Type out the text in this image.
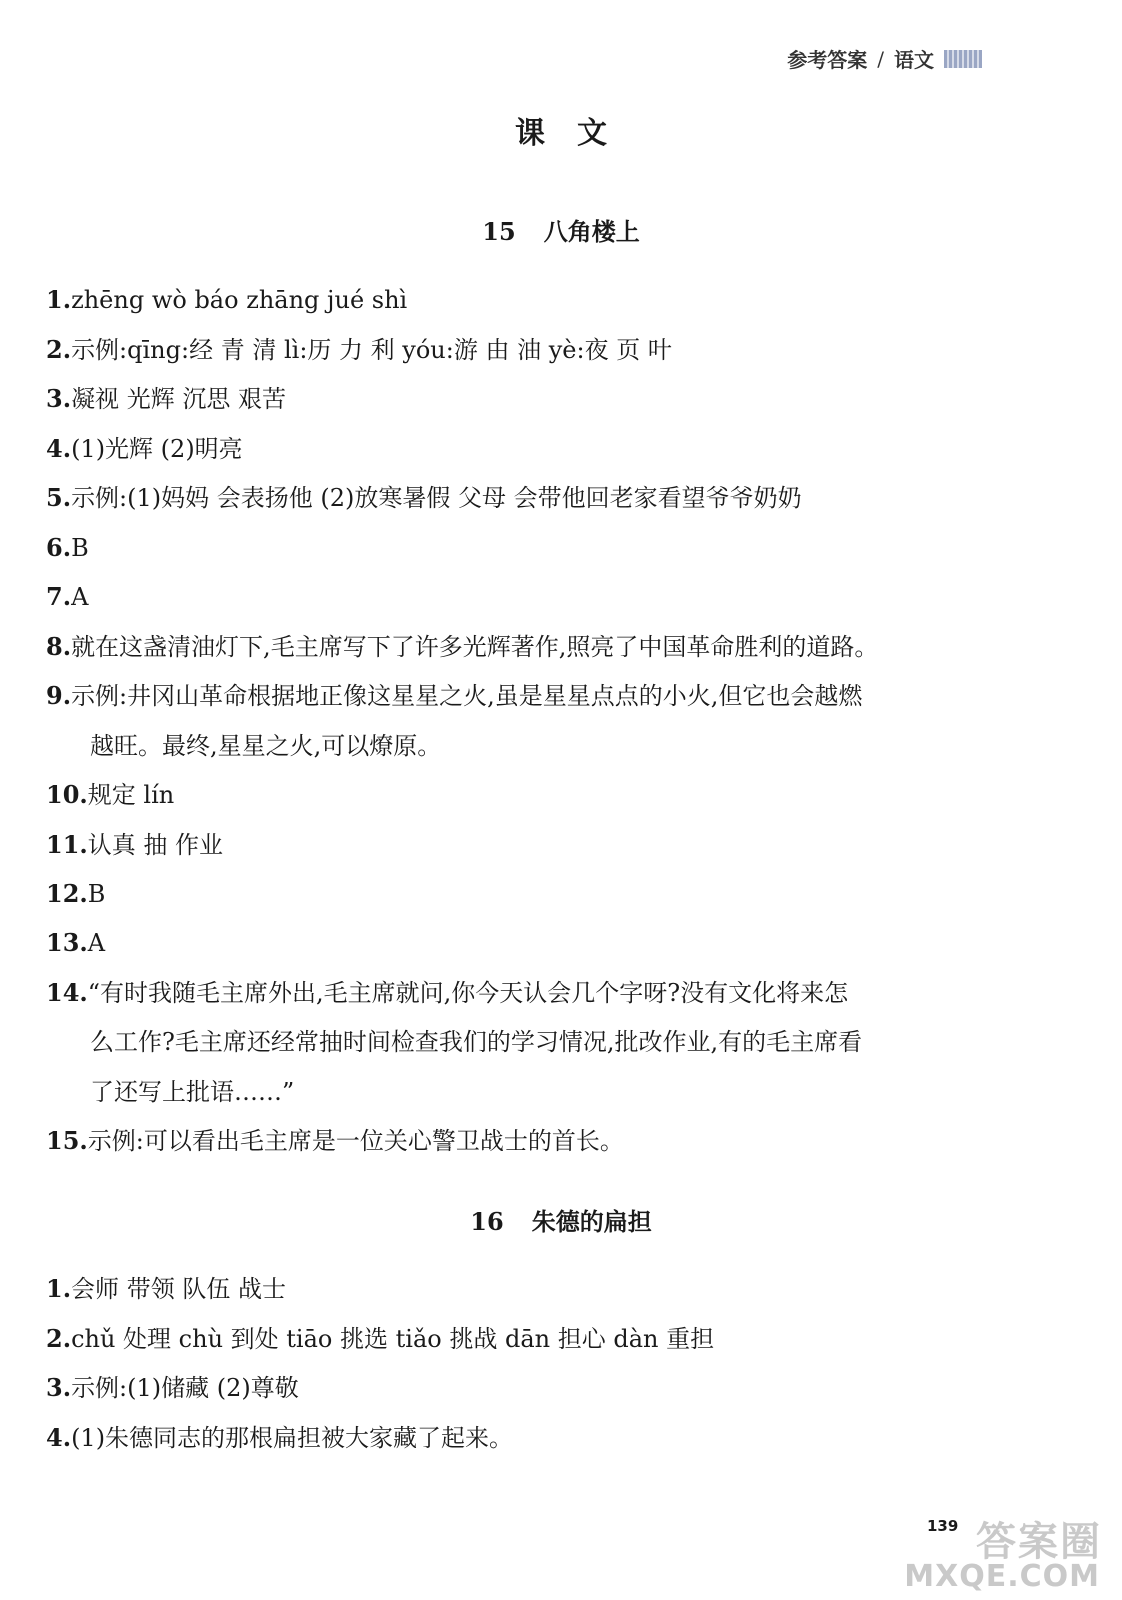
参考答案 / 语文
课文
15 八角楼上
1.zhēng wò báo zhāng jué shì
2.示例:qīng:经 青 清 lì:历 力 利 yóu:游 由 油 yè:夜 页 叶
3.凝视 光辉 沉思 艰苦
4.(1)光辉 (2)明亮
5.示例:(1)妈妈 会表扬他 (2)放寒暑假 父母 会带他回老家看望爷爷奶奶
6.B
7.A
8.就在这盏清油灯下,毛主席写下了许多光辉著作,照亮了中国革命胜利的道路。
9.示例:井冈山革命根据地正像这星星之火,虽是星星点点的小火,但它也会越燃
越旺。最终,星星之火,可以燎原。
10.规定 lín
11.认真 抽 作业
12.B
13.A
14.“有时我随毛主席外出,毛主席就问,你今天认会几个字呀?没有文化将来怎
么工作?毛主席还经常抽时间检查我们的学习情况,批改作业,有的毛主席看
了还写上批语……”
15.示例:可以看出毛主席是一位关心警卫战士的首长。
16 朱德的扁担
1.会师 带领 队伍 战士
2.chǔ 处理 chù 到处 tiāo 挑选 tiǎo 挑战 dān 担心 dàn 重担
3.示例:(1)储藏 (2)尊敬
4.(1)朱德同志的那根扁担被大家藏了起来。
139 答案圈
MXQE.COM
